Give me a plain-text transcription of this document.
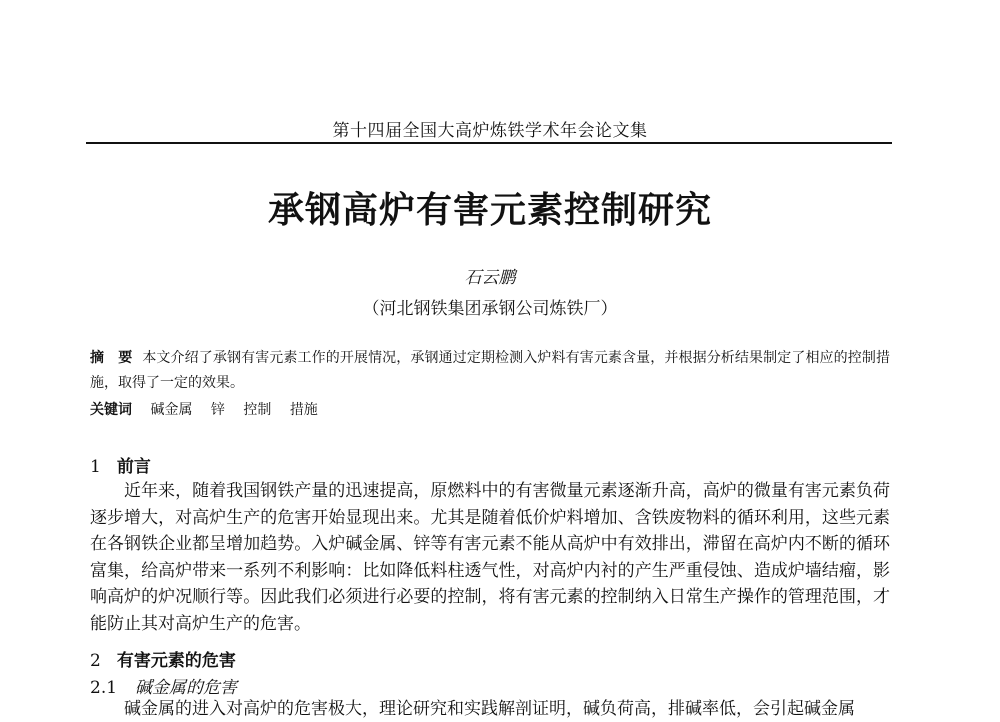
第十四届全国大高炉炼铁学术年会论文集
承钢高炉有害元素控制研究
石云鹏
（河北钢铁集团承钢公司炼铁厂）
摘　要 本文介绍了承钢有害元素工作的开展情况，承钢通过定期检测入炉料有害元素含量，并根据分析结果制定了相应的控制措施，取得了一定的效果。
关键词 碱金属 锌 控制 措施
1 前言
近年来，随着我国钢铁产量的迅速提高，原燃料中的有害微量元素逐渐升高，高炉的微量有害元素负荷逐步增大，对高炉生产的危害开始显现出来。尤其是随着低价炉料增加、含铁废物料的循环利用，这些元素在各钢铁企业都呈增加趋势。入炉碱金属、锌等有害元素不能从高炉中有效排出，滞留在高炉内不断的循环富集，给高炉带来一系列不利影响：比如降低料柱透气性，对高炉内衬的产生严重侵蚀、造成炉墙结瘤，影响高炉的炉况顺行等。因此我们必须进行必要的控制，将有害元素的控制纳入日常生产操作的管理范围，才能防止其对高炉生产的危害。
2 有害元素的危害
2.1 碱金属的危害
碱金属的进入对高炉的危害极大，理论研究和实践解剖证明，碱负荷高，排碱率低，会引起碱金属
